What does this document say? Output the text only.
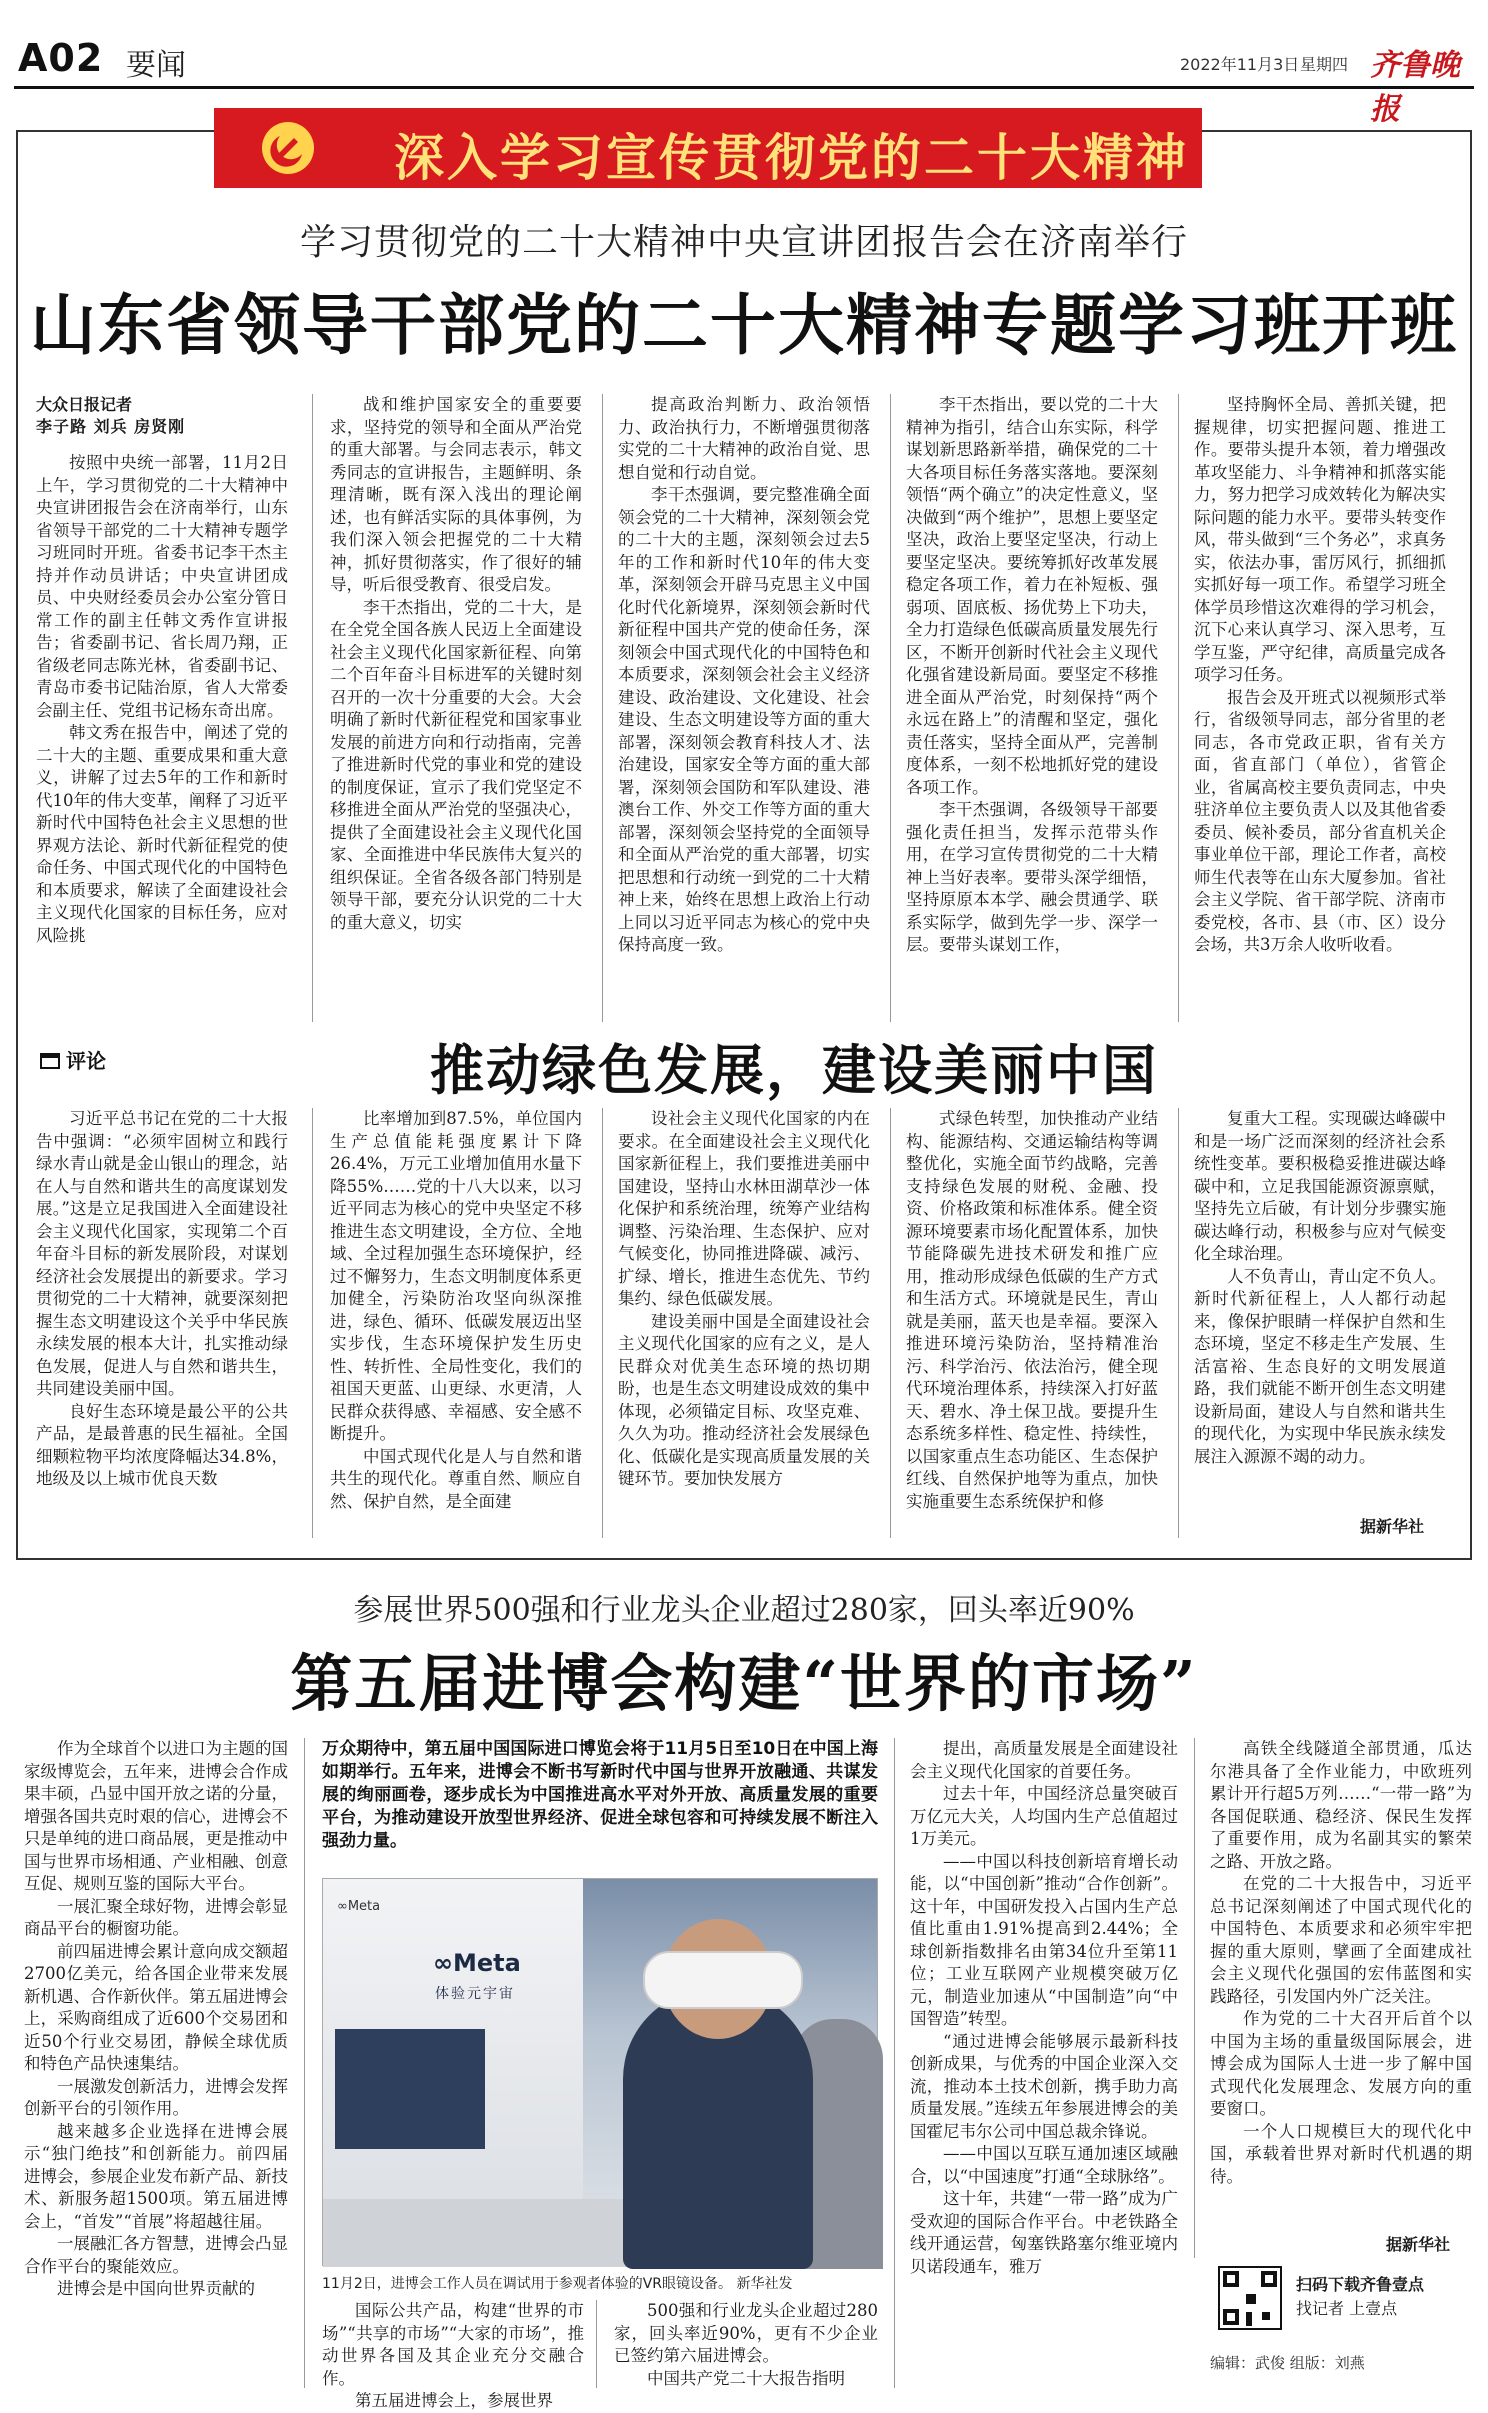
A02 要闻	2022年11月3日 星期四 齐鲁晚报
深入学习宣传贯彻党的二十大精神
学习贯彻党的二十大精神中央宣讲团报告会在济南举行
山东省领导干部党的二十大精神专题学习班开班
大众日报记者
李子路 刘兵 房贤刚

按照中央统一部署，11月2日上午，学习贯彻党的二十大精神中央宣讲团报告会在济南举行，山东省领导干部党的二十大精神专题学习班同时开班。省委书记李干杰主持并作动员讲话；中央宣讲团成员、中央财经委员会办公室分管日常工作的副主任韩文秀作宣讲报告；省委副书记、省长周乃翔，正省级老同志陈光林，省委副书记、青岛市委书记陆治原，省人大常委会副主任、党组书记杨东奇出席。

韩文秀在报告中，阐述了党的二十大的主题、重要成果和重大意义，讲解了过去5年的工作和新时代10年的伟大变革，阐释了习近平新时代中国特色社会主义思想的世界观方法论、新时代新征程党的使命任务、中国式现代化的中国特色和本质要求，解读了全面建设社会主义现代化国家的目标任务，应对风险挑

战和维护国家安全的重要要求，坚持党的领导和全面从严治党的重大部署。与会同志表示，韩文秀同志的宣讲报告，主题鲜明、条理清晰，既有深入浅出的理论阐述，也有鲜活实际的具体事例，为我们深入领会把握党的二十大精神，抓好贯彻落实，作了很好的辅导，听后很受教育、很受启发。

李干杰指出，党的二十大，是在全党全国各族人民迈上全面建设社会主义现代化国家新征程、向第二个百年奋斗目标进军的关键时刻召开的一次十分重要的大会。大会明确了新时代新征程党和国家事业发展的前进方向和行动指南，完善了推进新时代党的事业和党的建设的制度保证，宣示了我们党坚定不移推进全面从严治党的坚强决心，提供了全面建设社会主义现代化国家、全面推进中华民族伟大复兴的组织保证。全省各级各部门特别是领导干部，要充分认识党的二十大的重大意义，切实

提高政治判断力、政治领悟力、政治执行力，不断增强贯彻落实党的二十大精神的政治自觉、思想自觉和行动自觉。

李干杰强调，要完整准确全面领会党的二十大精神，深刻领会党的二十大的主题，深刻领会过去5年的工作和新时代10年的伟大变革，深刻领会开辟马克思主义中国化时代化新境界，深刻领会新时代新征程中国共产党的使命任务，深刻领会中国式现代化的中国特色和本质要求，深刻领会社会主义经济建设、政治建设、文化建设、社会建设、生态文明建设等方面的重大部署，深刻领会教育科技人才、法治建设，国家安全等方面的重大部署，深刻领会国防和军队建设、港澳台工作、外交工作等方面的重大部署，深刻领会坚持党的全面领导和全面从严治党的重大部署，切实把思想和行动统一到党的二十大精神上来，始终在思想上政治上行动上同以习近平同志为核心的党中央保持高度一致。

李干杰指出，要以党的二十大精神为指引，结合山东实际，科学谋划新思路新举措，确保党的二十大各项目标任务落实落地。要深刻领悟“两个确立”的决定性意义，坚决做到“两个维护”，思想上要坚定坚决，政治上要坚定坚决，行动上要坚定坚决。要统筹抓好改革发展稳定各项工作，着力在补短板、强弱项、固底板、扬优势上下功夫，全力打造绿色低碳高质量发展先行区，不断开创新时代社会主义现代化强省建设新局面。要坚定不移推进全面从严治党，时刻保持“两个永远在路上”的清醒和坚定，强化责任落实，坚持全面从严，完善制度体系，一刻不松地抓好党的建设各项工作。

李干杰强调，各级领导干部要强化责任担当，发挥示范带头作用，在学习宣传贯彻党的二十大精神上当好表率。要带头深学细悟，坚持原原本本学、融会贯通学、联系实际学，做到先学一步、深学一层。要带头谋划工作，

坚持胸怀全局、善抓关键，把握规律，切实把握问题、推进工作。要带头提升本领，着力增强改革攻坚能力、斗争精神和抓落实能力，努力把学习成效转化为解决实际问题的能力水平。要带头转变作风，带头做到“三个务必”，求真务实，依法办事，雷厉风行，抓细抓实抓好每一项工作。希望学习班全体学员珍惜这次难得的学习机会，沉下心来认真学习、深入思考，互学互鉴，严守纪律，高质量完成各项学习任务。

报告会及开班式以视频形式举行，省级领导同志，部分省里的老同志，各市党政正职，省有关方面，省直部门（单位），省管企业，省属高校主要负责同志，中央驻济单位主要负责人以及其他省委委员、候补委员，部分省直机关企事业单位干部，理论工作者，高校师生代表等在山东大厦参加。省社会主义学院、省干部学院、济南市委党校，各市、县（市、区）设分会场，共3万余人收听收看。

评论	推动绿色发展，建设美丽中国

习近平总书记在党的二十大报告中强调：“必须牢固树立和践行绿水青山就是金山银山的理念，站在人与自然和谐共生的高度谋划发展。”这是立足我国进入全面建设社会主义现代化国家，实现第二个百年奋斗目标的新发展阶段，对谋划经济社会发展提出的新要求。学习贯彻党的二十大精神，就要深刻把握生态文明建设这个关乎中华民族永续发展的根本大计，扎实推动绿色发展，促进人与自然和谐共生，共同建设美丽中国。

良好生态环境是最公平的公共产品，是最普惠的民生福祉。全国细颗粒物平均浓度降幅达34.8%，地级及以上城市优良天数

比率增加到87.5%，单位国内生产总值能耗强度累计下降26.4%，万元工业增加值用水量下降55%……党的十八大以来，以习近平同志为核心的党中央坚定不移推进生态文明建设，全方位、全地域、全过程加强生态环境保护，经过不懈努力，生态文明制度体系更加健全，污染防治攻坚向纵深推进，绿色、循环、低碳发展迈出坚实步伐，生态环境保护发生历史性、转折性、全局性变化，我们的祖国天更蓝、山更绿、水更清，人民群众获得感、幸福感、安全感不断提升。

中国式现代化是人与自然和谐共生的现代化。尊重自然、顺应自然、保护自然，是全面建

设社会主义现代化国家的内在要求。在全面建设社会主义现代化国家新征程上，我们要推进美丽中国建设，坚持山水林田湖草沙一体化保护和系统治理，统筹产业结构调整、污染治理、生态保护、应对气候变化，协同推进降碳、减污、扩绿、增长，推进生态优先、节约集约、绿色低碳发展。

建设美丽中国是全面建设社会主义现代化国家的应有之义，是人民群众对优美生态环境的热切期盼，也是生态文明建设成效的集中体现，必须锚定目标、攻坚克难、久久为功。推动经济社会发展绿色化、低碳化是实现高质量发展的关键环节。要加快发展方

式绿色转型，加快推动产业结构、能源结构、交通运输结构等调整优化，实施全面节约战略，完善支持绿色发展的财税、金融、投资、价格政策和标准体系。健全资源环境要素市场化配置体系，加快节能降碳先进技术研发和推广应用，推动形成绿色低碳的生产方式和生活方式。环境就是民生，青山就是美丽，蓝天也是幸福。要深入推进环境污染防治，坚持精准治污、科学治污、依法治污，健全现代环境治理体系，持续深入打好蓝天、碧水、净土保卫战。要提升生态系统多样性、稳定性、持续性，以国家重点生态功能区、生态保护红线、自然保护地等为重点，加快实施重要生态系统保护和修

复重大工程。实现碳达峰碳中和是一场广泛而深刻的经济社会系统性变革。要积极稳妥推进碳达峰碳中和，立足我国能源资源禀赋，坚持先立后破，有计划分步骤实施碳达峰行动，积极参与应对气候变化全球治理。

人不负青山，青山定不负人。新时代新征程上，人人都行动起来，像保护眼睛一样保护自然和生态环境，坚定不移走生产发展、生活富裕、生态良好的文明发展道路，我们就能不断开创生态文明建设新局面，建设人与自然和谐共生的现代化，为实现中华民族永续发展注入源源不竭的动力。

据新华社
参展世界500强和行业龙头企业超过280家，回头率近90%
第五届进博会构建“世界的市场”

作为全球首个以进口为主题的国家级博览会，五年来，进博会合作成果丰硕，凸显中国开放之诺的分量，增强各国共克时艰的信心，进博会不只是单纯的进口商品展，更是推动中国与世界市场相通、产业相融、创意互促、规则互鉴的国际大平台。

一展汇聚全球好物，进博会彰显商品平台的橱窗功能。

前四届进博会累计意向成交额超2700亿美元，给各国企业带来发展新机遇、合作新伙伴。第五届进博会上，采购商组成了近600个交易团和近50个行业交易团，静候全球优质和特色产品快速集结。

一展激发创新活力，进博会发挥创新平台的引领作用。

越来越多企业选择在进博会展示“独门绝技”和创新能力。前四届进博会，参展企业发布新产品、新技术、新服务超1500项。第五届进博会上，“首发”“首展”将超越往届。

一展融汇各方智慧，进博会凸显合作平台的聚能效应。

进博会是中国向世界贡献的

万众期待中，第五届中国国际进口博览会将于11月5日至10日在中国上海如期举行。五年来，进博会不断书写新时代中国与世界开放融通、共谋发展的绚丽画卷，逐步成长为中国推进高水平对外开放、高质量发展的重要平台，为推动建设开放型世界经济、促进全球包容和可持续发展不断注入强劲力量。
∞Meta
∞Meta
体验元宇宙
11月2日，进博会工作人员在调试用于参观者体验的VR眼镜设备。 新华社发

国际公共产品，构建“世界的市场”“共享的市场”“大家的市场”，推动世界各国及其企业充分交融合作。

第五届进博会上，参展世界

500强和行业龙头企业超过280家，回头率近90%，更有不少企业已签约第六届进博会。

中国共产党二十大报告指明

提出，高质量发展是全面建设社会主义现代化国家的首要任务。

过去十年，中国经济总量突破百万亿元大关，人均国内生产总值超过1万美元。

——中国以科技创新培育增长动能，以“中国创新”推动“合作创新”。这十年，中国研发投入占国内生产总值比重由1.91%提高到2.44%；全球创新指数排名由第34位升至第11位；工业互联网产业规模突破万亿元，制造业加速从“中国制造”向“中国智造”转型。

“通过进博会能够展示最新科技创新成果，与优秀的中国企业深入交流，推动本土技术创新，携手助力高质量发展。”连续五年参展进博会的美国霍尼韦尔公司中国总裁余锋说。

——中国以互联互通加速区域融合，以“中国速度”打通“全球脉络”。

这十年，共建“一带一路”成为广受欢迎的国际合作平台。中老铁路全线开通运营，匈塞铁路塞尔维亚境内贝诺段通车，雅万

高铁全线隧道全部贯通，瓜达尔港具备了全作业能力，中欧班列累计开行超5万列……“一带一路”为各国促联通、稳经济、保民生发挥了重要作用，成为名副其实的繁荣之路、开放之路。

在党的二十大报告中，习近平总书记深刻阐述了中国式现代化的中国特色、本质要求和必须牢牢把握的重大原则，擘画了全面建成社会主义现代化强国的宏伟蓝图和实践路径，引发国内外广泛关注。

作为党的二十大召开后首个以中国为主场的重量级国际展会，进博会成为国际人士进一步了解中国式现代化发展理念、发展方向的重要窗口。

一个人口规模巨大的现代化中国，承载着世界对新时代机遇的期待。

据新华社
扫码下载齐鲁壹点
找记者 上壹点
编辑：武俊 组版：刘燕
